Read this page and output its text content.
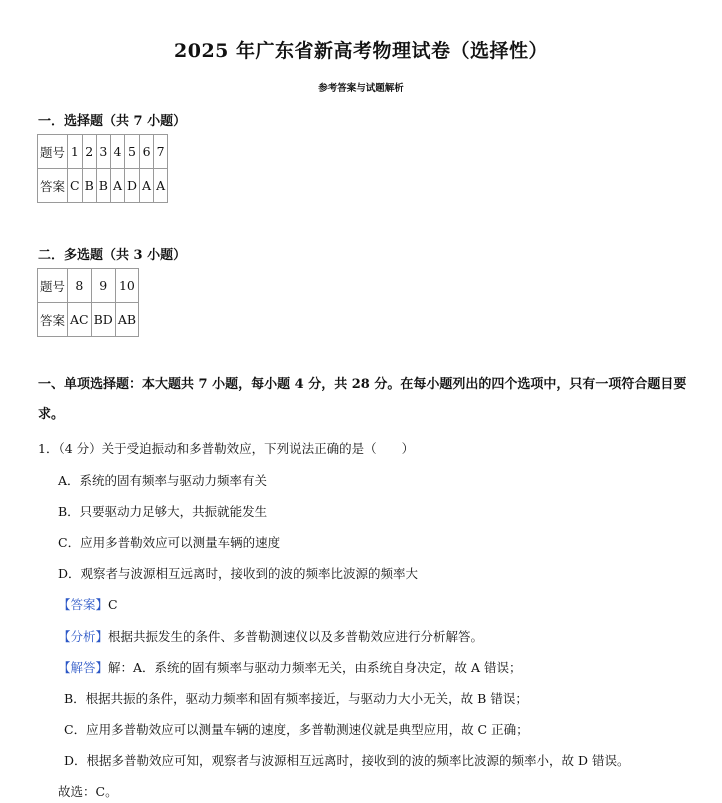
2025 年广东省新高考物理试卷（选择性）
参考答案与试题解析
一．选择题（共 7 小题）
题号	1	2	3	4	5	6	7
答案	C	B	B	A	D	A	A
二．多选题（共 3 小题）
题号	8	9	10
答案	AC	BD	AB
一、单项选择题：本大题共 7 小题，每小题 4 分，共 28 分。在每小题列出的四个选项中，只有一项符合题目要求。
1．（4 分）关于受迫振动和多普勒效应，下列说法正确的是（　　）
A．系统的固有频率与驱动力频率有关
B．只要驱动力足够大，共振就能发生
C．应用多普勒效应可以测量车辆的速度
D．观察者与波源相互远离时，接收到的波的频率比波源的频率大
【答案】C
【分析】根据共振发生的条件、多普勒测速仪以及多普勒效应进行分析解答。
【解答】解：A．系统的固有频率与驱动力频率无关，由系统自身决定，故 A 错误；
B．根据共振的条件，驱动力频率和固有频率接近，与驱动力大小无关，故 B 错误；
C．应用多普勒效应可以测量车辆的速度，多普勒测速仪就是典型应用，故 C 正确；
D．根据多普勒效应可知，观察者与波源相互远离时，接收到的波的频率比波源的频率小，故 D 错误。
故选：C。
